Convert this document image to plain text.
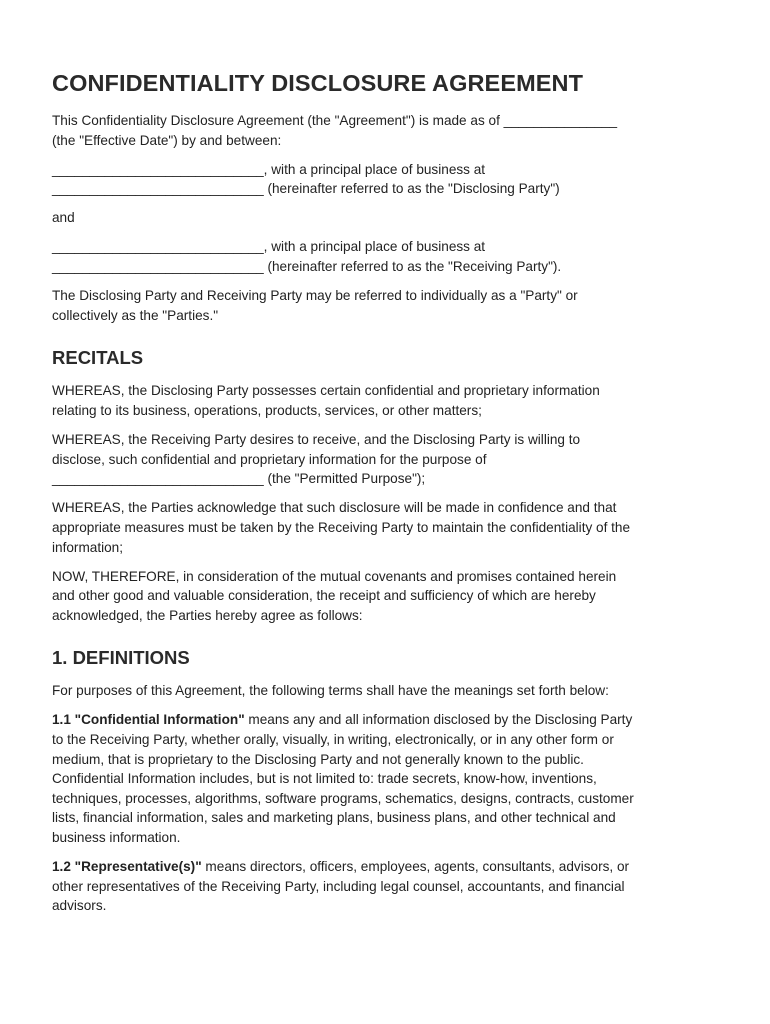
CONFIDENTIALITY DISCLOSURE AGREEMENT

This Confidentiality Disclosure Agreement (the "Agreement") is made as of _______________
(the "Effective Date") by and between:

____________________________, with a principal place of business at
____________________________ (hereinafter referred to as the "Disclosing Party")

and

____________________________, with a principal place of business at
____________________________ (hereinafter referred to as the "Receiving Party").

The Disclosing Party and Receiving Party may be referred to individually as a "Party" or
collectively as the "Parties."

RECITALS

WHEREAS, the Disclosing Party possesses certain confidential and proprietary information
relating to its business, operations, products, services, or other matters;

WHEREAS, the Receiving Party desires to receive, and the Disclosing Party is willing to
disclose, such confidential and proprietary information for the purpose of
____________________________ (the "Permitted Purpose");

WHEREAS, the Parties acknowledge that such disclosure will be made in confidence and that
appropriate measures must be taken by the Receiving Party to maintain the confidentiality of the
information;

NOW, THEREFORE, in consideration of the mutual covenants and promises contained herein
and other good and valuable consideration, the receipt and sufficiency of which are hereby
acknowledged, the Parties hereby agree as follows:

1. DEFINITIONS

For purposes of this Agreement, the following terms shall have the meanings set forth below:

1.1 "Confidential Information" means any and all information disclosed by the Disclosing Party
to the Receiving Party, whether orally, visually, in writing, electronically, or in any other form or
medium, that is proprietary to the Disclosing Party and not generally known to the public.
Confidential Information includes, but is not limited to: trade secrets, know-how, inventions,
techniques, processes, algorithms, software programs, schematics, designs, contracts, customer
lists, financial information, sales and marketing plans, business plans, and other technical and
business information.

1.2 "Representative(s)" means directors, officers, employees, agents, consultants, advisors, or
other representatives of the Receiving Party, including legal counsel, accountants, and financial
advisors.
